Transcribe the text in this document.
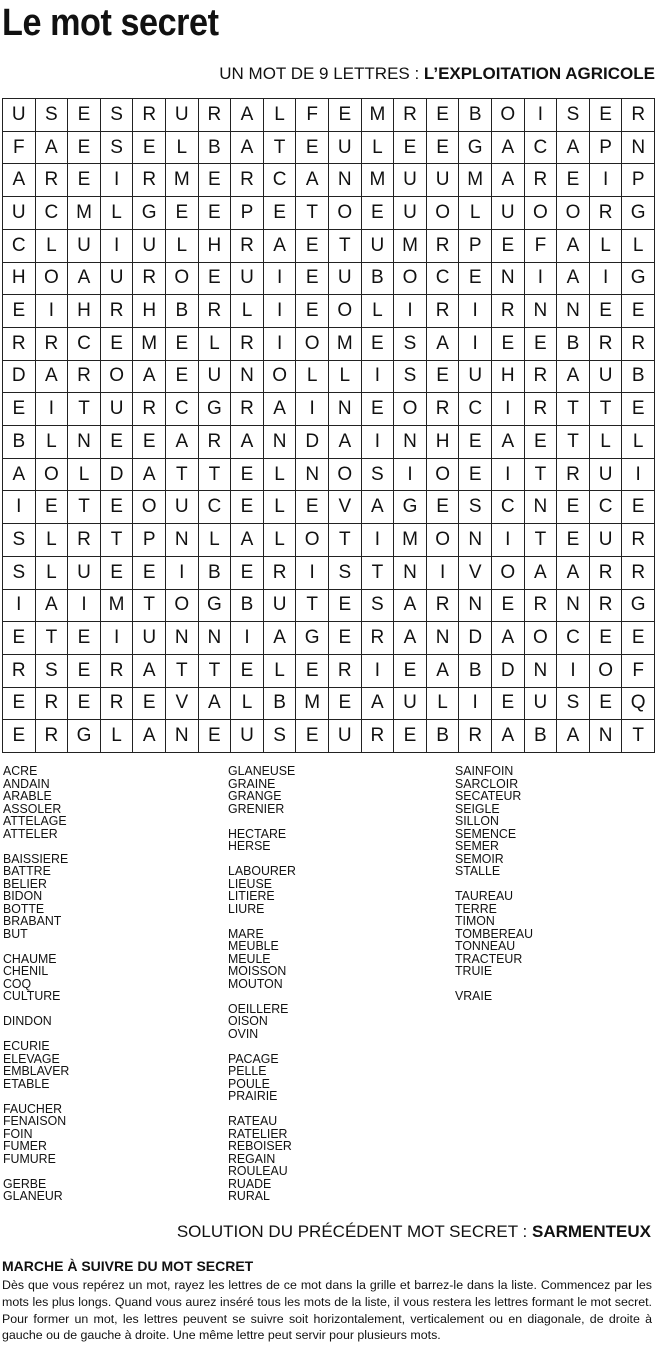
Le mot secret
UN MOT DE 9 LETTRES : L’EXPLOITATION AGRICOLE
U	S	E	S	R U R	A	L	F	E M R	E	B O	I	S	E	R
F	A	E	S	E	L	B	A	T	E	U	L	E	E G A	C	A	P	N
A	R	E	I	R M E	R C	A	N M U U M A	R	E	I	P
U C M	L	G E	E	P	E	T	O E	U O	L	U O O R G
C	L	U	I	U	L	H R	A	E	T	U M R	P	E	F	A	L	L
H O A	U R O E	U	I	E	U	B O C	E	N	I	A	I	G
E	I	H R H	B	R	L	I	E O	L	I	R	I	R N N	E	E
R R C	E M E	L	R	I	O M E	S	A	I	E	E	B	R R
D	A	R O A	E	U N O	L	L	I	S	E	U H R	A	U	B
E	I	T	U R C G R	A	I	N	E O R C	I	R	T	T	E
B	L	N	E	E	A	R	A	N D	A	I	N H	E	A	E	T	L	L
A O	L	D	A	T	T	E	L	N O S	I	O E	I	T	R U	I
I	E	T	E O U C	E	L	E	V	A G E	S	C N	E	C	E
S	L	R	T	P	N	L	A	L	O	T	I	M O N	I	T	E	U R
S	L	U	E	E	I	B	E	R	I	S	T	N	I	V O A	A	R R
I	A	I	M T	O G B	U	T	E	S	A	R N	E	R N R G
E	T	E	I	U N N	I	A G E	R	A	N D	A O C	E	E
R	S	E	R	A	T	T	E	L	E	R	I	E	A	B	D N	I	O	F
E	R	E	R	E	V	A	L	B M E	A	U	L	I	E	U	S	E Q
E	R G	L	A	N	E	U	S	E	U R	E	B	R	A	B	A	N	T
ACRE
ANDAIN
ARABLE
ASSOLER
ATTELAGE
ATTELER
BAISSIERE
BATTRE
BELIER
BIDON
BOTTE
BRABANT
BUT
CHAUME
CHENIL
COQ
CULTURE
DINDON
ECURIE
ELEVAGE
EMBLAVER
ETABLE
FAUCHER
FENAISON
FOIN
FUMER
FUMURE
GERBE
GLANEUR
GLANEUSE
GRAINE
GRANGE
GRENIER
HECTARE
HERSE
LABOURER
LIEUSE
LITIERE
LIURE
MARE
MEUBLE
MEULE
MOISSON
MOUTON
OEILLERE
OISON
OVIN
PACAGE
PELLE
POULE
PRAIRIE
RATEAU
RATELIER
REBOISER
REGAIN
ROULEAU
RUADE
RURAL
SAINFOIN
SARCLOIR
SECATEUR
SEIGLE
SILLON
SEMENCE
SEMER
SEMOIR
STALLE
TAUREAU
TERRE
TIMON
TOMBEREAU
TONNEAU
TRACTEUR
TRUIE
VRAIE
SOLUTION DU PRÉCÉDENT MOT SECRET : SARMENTEUX
MARCHE À SUIVRE DU MOT SECRET
Dès que vous repérez un mot, rayez les lettres de ce mot dans la grille et barrez-le dans la liste. Commencez par les mots les plus longs. Quand vous aurez inséré tous les mots de la liste, il vous restera les lettres formant le mot secret. Pour former un mot, les lettres peuvent se suivre soit horizontalement, verticalement ou en diagonale, de droite à gauche ou de gauche à droite. Une même lettre peut servir pour plusieurs mots.
